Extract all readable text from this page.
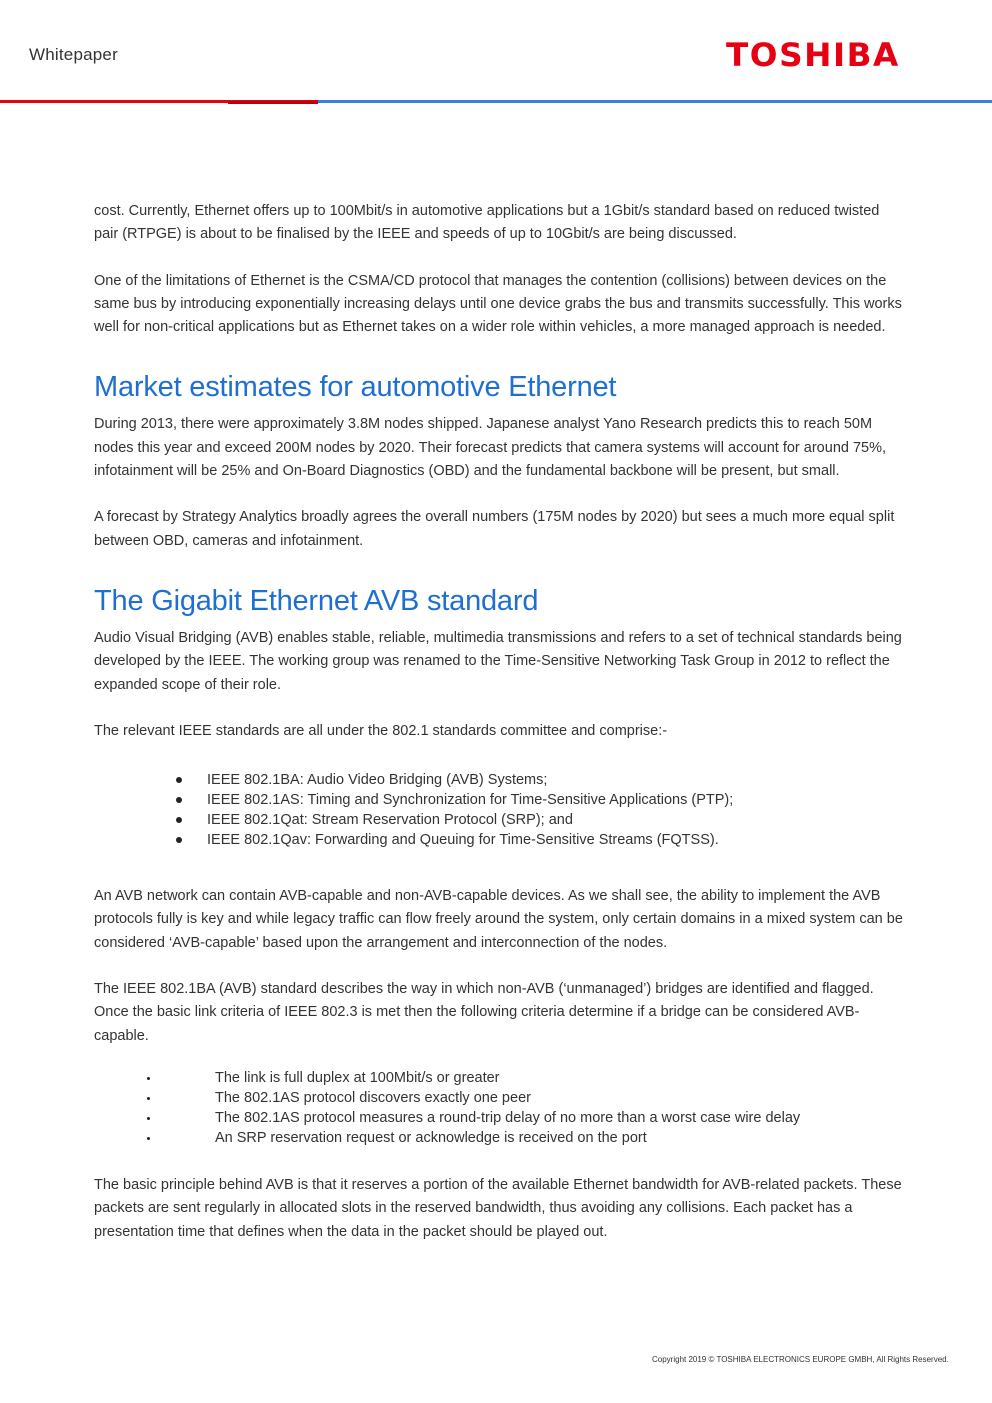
Whitepaper	TOSHIBA

cost. Currently, Ethernet offers up to 100Mbit/s in automotive applications but a 1Gbit/s standard based on reduced twisted pair (RTPGE) is about to be finalised by the IEEE and speeds of up to 10Gbit/s are being discussed.

One of the limitations of Ethernet is the CSMA/CD protocol that manages the contention (collisions) between devices on the same bus by introducing exponentially increasing delays until one device grabs the bus and transmits successfully. This works well for non-critical applications but as Ethernet takes on a wider role within vehicles, a more managed approach is needed.

Market estimates for automotive Ethernet

During 2013, there were approximately 3.8M nodes shipped. Japanese analyst Yano Research predicts this to reach 50M nodes this year and exceed 200M nodes by 2020. Their forecast predicts that camera systems will account for around 75%, infotainment will be 25% and On-Board Diagnostics (OBD) and the fundamental backbone will be present, but small.

A forecast by Strategy Analytics broadly agrees the overall numbers (175M nodes by 2020) but sees a much more equal split between OBD, cameras and infotainment.

The Gigabit Ethernet AVB standard

Audio Visual Bridging (AVB) enables stable, reliable, multimedia transmissions and refers to a set of technical standards being developed by the IEEE. The working group was renamed to the Time-Sensitive Networking Task Group in 2012 to reflect the expanded scope of their role.

The relevant IEEE standards are all under the 802.1 standards committee and comprise:-

IEEE 802.1BA: Audio Video Bridging (AVB) Systems;
IEEE 802.1AS: Timing and Synchronization for Time-Sensitive Applications (PTP);
IEEE 802.1Qat: Stream Reservation Protocol (SRP); and
IEEE 802.1Qav: Forwarding and Queuing for Time-Sensitive Streams (FQTSS).

An AVB network can contain AVB-capable and non-AVB-capable devices. As we shall see, the ability to implement the AVB protocols fully is key and while legacy traffic can flow freely around the system, only certain domains in a mixed system can be considered ‘AVB-capable’ based upon the arrangement and interconnection of the nodes.

The IEEE 802.1BA (AVB) standard describes the way in which non-AVB (‘unmanaged’) bridges are identified and flagged. Once the basic link criteria of IEEE 802.3 is met then the following criteria determine if a bridge can be considered AVB-capable.

The link is full duplex at 100Mbit/s or greater
The 802.1AS protocol discovers exactly one peer
The 802.1AS protocol measures a round-trip delay of no more than a worst case wire delay
An SRP reservation request or acknowledge is received on the port

The basic principle behind AVB is that it reserves a portion of the available Ethernet bandwidth for AVB-related packets. These packets are sent regularly in allocated slots in the reserved bandwidth, thus avoiding any collisions. Each packet has a presentation time that defines when the data in the packet should be played out.

Copyright 2019 © TOSHIBA ELECTRONICS EUROPE GMBH, All Rights Reserved.
